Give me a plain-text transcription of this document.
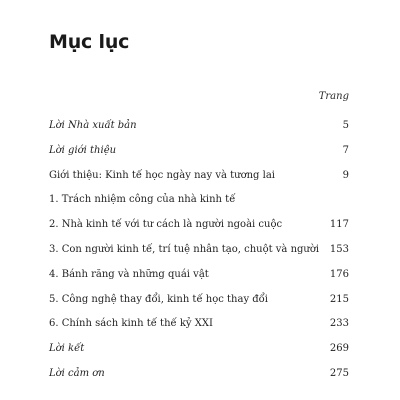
Mục lục
Trang
Lời Nhà xuất bản	5
Lời giới thiệu	7
Giới thiệu: Kinh tế học ngày nay và tương lai	9
1. Trách nhiệm công của nhà kinh tế
2. Nhà kinh tế với tư cách là người ngoài cuộc	117
3. Con người kinh tế, trí tuệ nhân tạo, chuột và người 153
4. Bánh răng và những quái vật	176
5. Công nghệ thay đổi, kinh tế học thay đổi	215
6. Chính sách kinh tế thế kỷ XXI	233
Lời kết	269
Lời cảm ơn	275
